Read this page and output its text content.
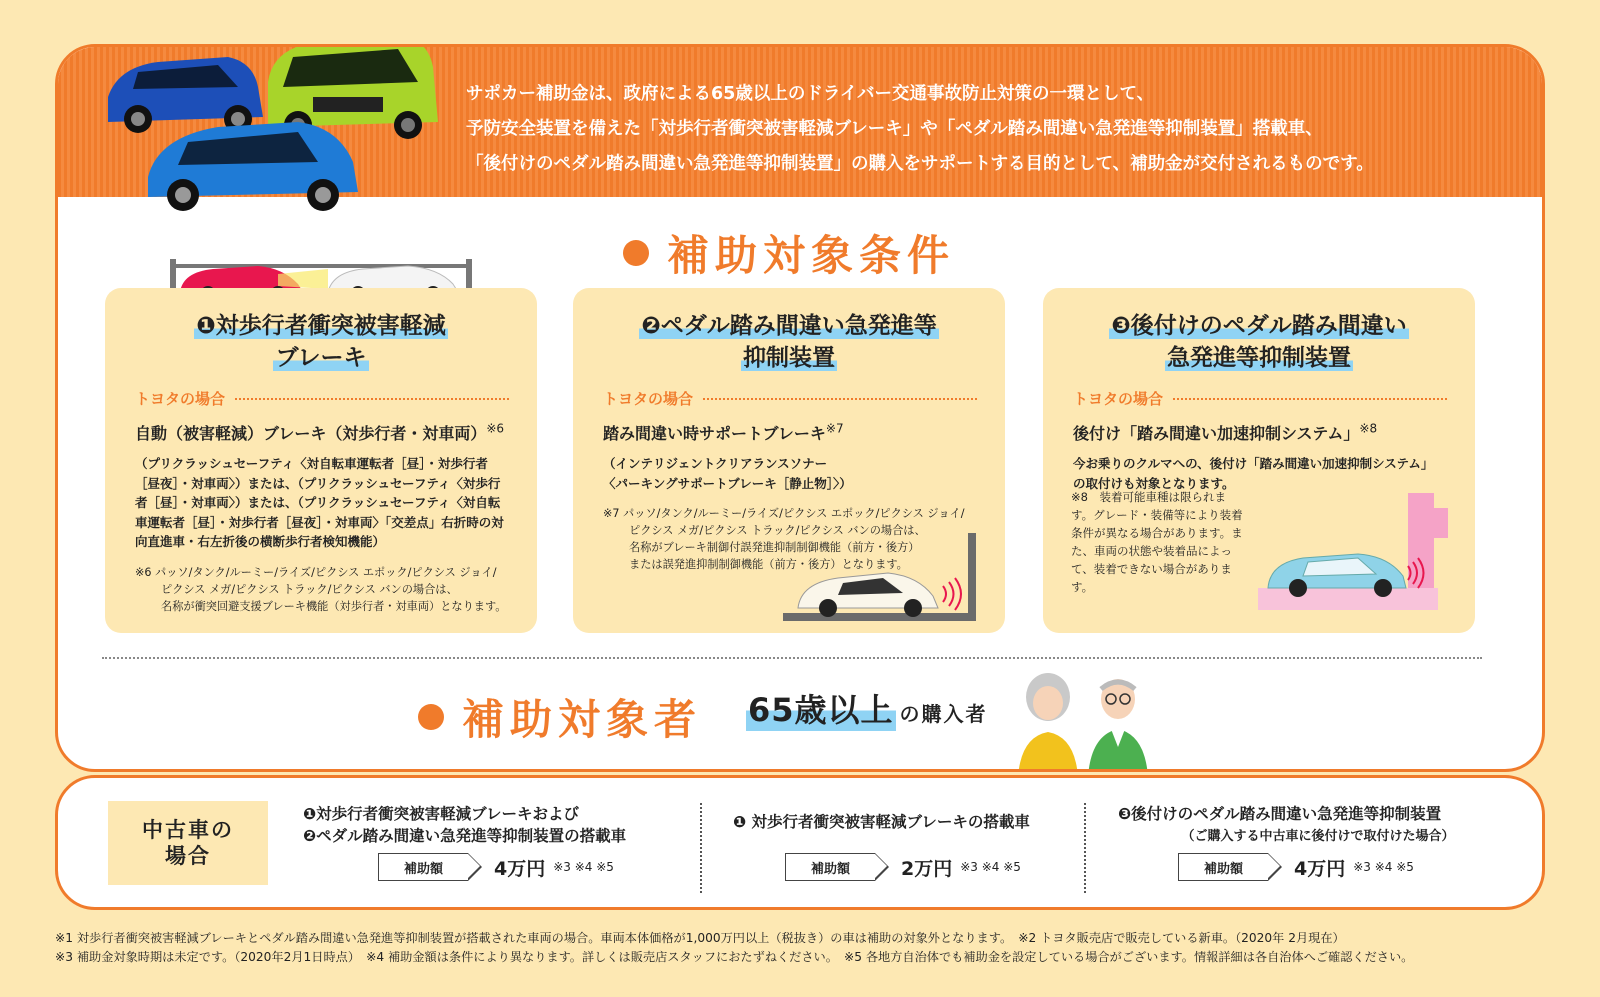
サポカー補助金は、政府による65歳以上のドライバー交通事故防止対策の一環として、

予防安全装置を備えた「対歩行者衝突被害軽減ブレーキ」や「ペダル踏み間違い急発進等抑制装置」搭載車、

「後付けのペダル踏み間違い急発進等抑制装置」の購入をサポートする目的として、補助金が交付されるものです。

補助対象条件
❶対歩行者衝突被害軽減
ブレーキ
トヨタの場合
自動（被害軽減）ブレーキ（対歩行者・対車両）$^{※6}$
（プリクラッシュセーフティ〈対自転車運転者［昼］・対歩行者［昼夜］・対車両〉）または、（プリクラッシュセーフティ〈対歩行者［昼］・対車両〉）または、（プリクラッシュセーフティ〈対自転車運転者［昼］・対歩行者［昼夜］・対車両〉「交差点」右折時の対向直進車・右左折後の横断歩行者検知機能）
※6 パッソ/タンク/ルーミー/ライズ/ピクシス エポック/ピクシス ジョイ/
ピクシス メガ/ピクシス トラック/ピクシス バンの場合は、
名称が衝突回避支援ブレーキ機能（対歩行者・対車両）となります。
❷ペダル踏み間違い急発進等
抑制装置
トヨタの場合
踏み間違い時サポートブレーキ$^{※7}$
（インテリジェントクリアランスソナー
〈パーキングサポートブレーキ［静止物］〉）
※7 パッソ/タンク/ルーミー/ライズ/ピクシス エポック/ピクシス ジョイ/
ピクシス メガ/ピクシス トラック/ピクシス バンの場合は、
名称がブレーキ制御付誤発進抑制制御機能（前方・後方）
または誤発進抑制制御機能（前方・後方）となります。
❸後付けのペダル踏み間違い
急発進等抑制装置
トヨタの場合
後付け「踏み間違い加速抑制システム」$^{※8}$
今お乗りのクルマへの、後付け「踏み間違い加速抑制システム」
の取付けも対象となります。
※8　装着可能車種は限られます。グレード・装備等により装着条件が異なる場合があります。また、車両の状態や装着品によって、装着できない場合があります。
補助対象者 65歳以上 の購入者
中古車の
場合
❶対歩行者衝突被害軽減ブレーキおよび
❷ペダル踏み間違い急発進等抑制装置の搭載車
補助額	4万円 ※3 ※4 ※5
❶ 対歩行者衝突被害軽減ブレーキの搭載車
補助額	2万円 ※3 ※4 ※5
❸後付けのペダル踏み間違い急発進等抑制装置
（ご購入する中古車に後付けで取付けた場合）
補助額	4万円 ※3 ※4 ※5
※1 対歩行者衝突被害軽減ブレーキとペダル踏み間違い急発進等抑制装置が搭載された車両の場合。車両本体価格が1,000万円以上（税抜き）の車は補助の対象外となります。　※2 トヨタ販売店で販売している新車。（2020年 2月現在）
※3 補助金対象時期は未定です。（2020年2月1日時点）　※4 補助金額は条件により異なります。詳しくは販売店スタッフにおたずねください。　※5 各地方自治体でも補助金を設定している場合がございます。情報詳細は各自治体へご確認ください。
